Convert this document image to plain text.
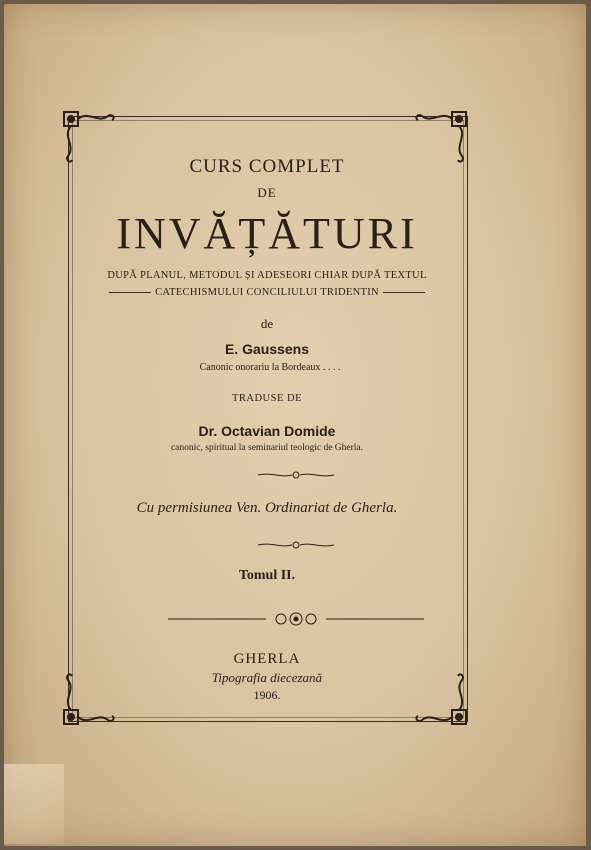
CURS COMPLET
DE
INVĂȚĂTURI
DUPĂ PLANUL, METODUL ȘI ADESEORI CHIAR DUPĂ TEXTUL
CATECHISMULUI CONCILIULUI TRIDENTIN
de
E. Gaussens
Canonic onorariu la Bordeaux . . . .
TRADUSE DE
Dr. Octavian Domide
canonic, spiritual la seminariul teologic de Gherla.
Cu permisiunea Ven. Ordinariat de Gherla.
Tomul II.
GHERLA
Tipografia diecezană
1906.
